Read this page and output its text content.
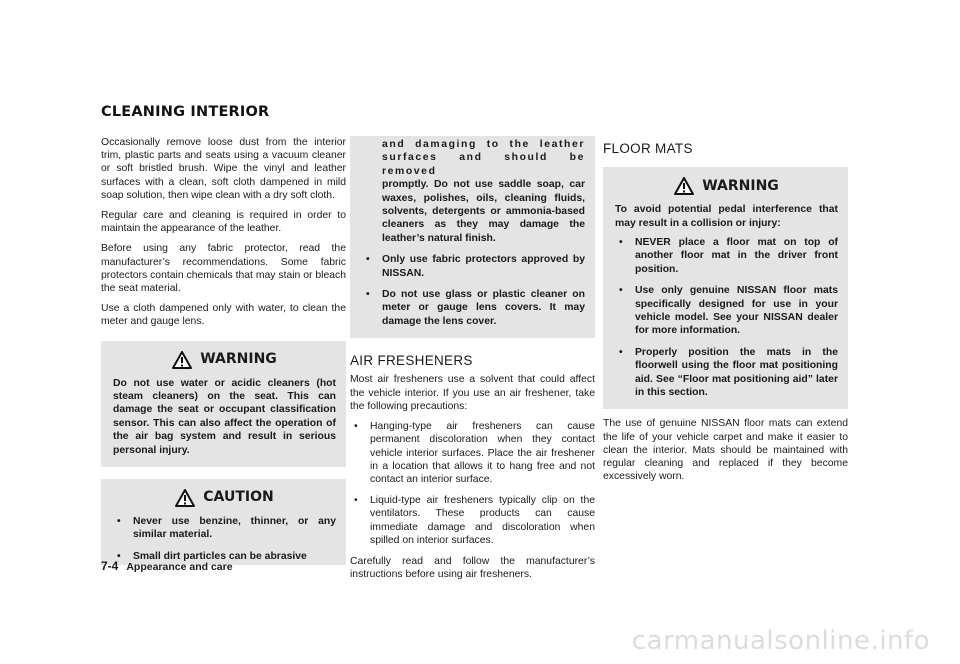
CLEANING INTERIOR

Occasionally remove loose dust from the interior trim, plastic parts and seats using a vacuum cleaner or soft bristled brush. Wipe the vinyl and leather surfaces with a clean, soft cloth dampened in mild soap solution, then wipe clean with a dry soft cloth.

Regular care and cleaning is required in order to maintain the appearance of the leather.

Before using any fabric protector, read the manufacturer’s recommendations. Some fabric protectors contain chemicals that may stain or bleach the seat material.

Use a cloth dampened only with water, to clean the meter and gauge lens.

WARNING

Do not use water or acidic cleaners (hot steam cleaners) on the seat. This can damage the seat or occupant classification sensor. This can also affect the operation of the air bag system and result in serious personal injury.

CAUTION
• Never use benzine, thinner, or any similar material.
• Small dirt particles can be abrasive

and damaging to the leather surfaces and should be removed

promptly. Do not use saddle soap, car waxes, polishes, oils, cleaning fluids, solvents, detergents or ammonia-based cleaners as they may damage the leather’s natural finish.

• Only use fabric protectors approved by NISSAN.
• Do not use glass or plastic cleaner on meter or gauge lens covers. It may damage the lens cover.
AIR FRESHENERS

Most air fresheners use a solvent that could affect the vehicle interior. If you use an air freshener, take the following precautions:

• Hanging-type air fresheners can cause permanent discoloration when they contact vehicle interior surfaces. Place the air freshener in a location that allows it to hang free and not contact an interior surface.
• Liquid-type air fresheners typically clip on the ventilators. These products can cause immediate damage and discoloration when spilled on interior surfaces.

Carefully read and follow the manufacturer’s instructions before using air fresheners.

FLOOR MATS
WARNING

To avoid potential pedal interference that may result in a collision or injury:

• NEVER place a floor mat on top of another floor mat in the driver front position.
• Use only genuine NISSAN floor mats specifically designed for use in your vehicle model. See your NISSAN dealer for more information.
• Properly position the mats in the floorwell using the floor mat positioning aid. See “Floor mat positioning aid” later in this section.

The use of genuine NISSAN floor mats can extend the life of your vehicle carpet and make it easier to clean the interior. Mats should be maintained with regular cleaning and replaced if they become excessively worn.

7-4 Appearance and care
carmanualsonline.info
